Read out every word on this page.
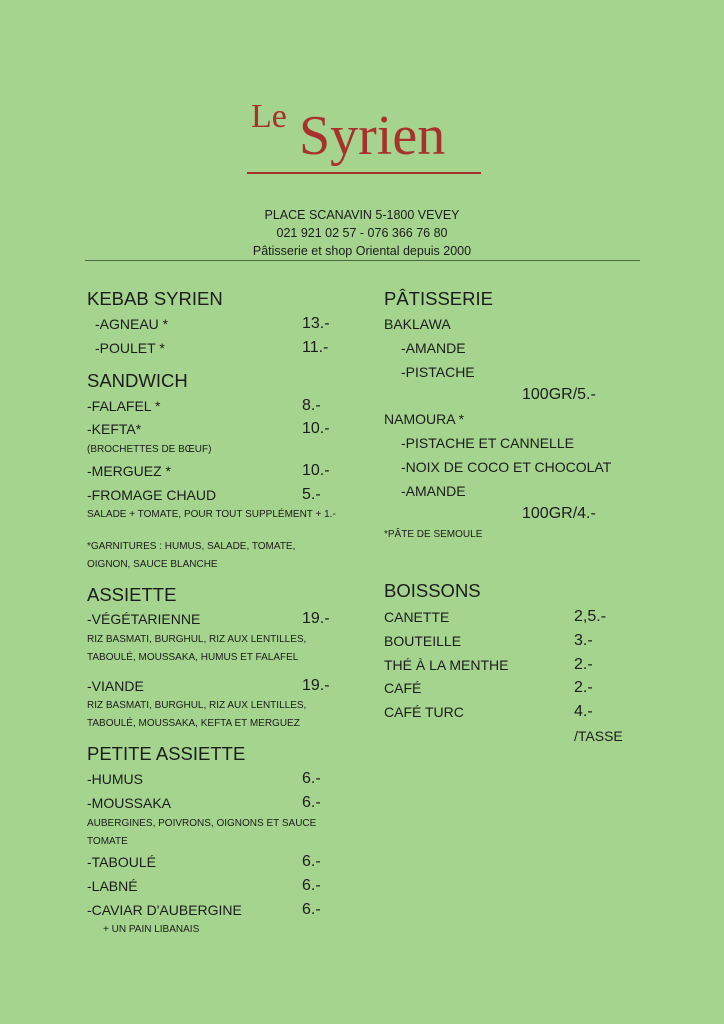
Le Syrien
PLACE SCANAVIN 5-1800 VEVEY
021 921 02 57 - 076 366 76 80
Pâtisserie et shop Oriental depuis 2000
KEBAB SYRIEN
-AGNEAU *	13.-
-POULET *	11.-
SANDWICH
-FALAFEL *	8.-
-KEFTA*	10.-
(BROCHETTES DE BŒUF)
-MERGUEZ *	10.-
-FROMAGE CHAUD	5.-
SALADE + TOMATE, POUR TOUT SUPPLÉMENT + 1.-
*GARNITURES : HUMUS, SALADE, TOMATE,
OIGNON, SAUCE BLANCHE
ASSIETTE
-VÉGÉTARIENNE	19.-
RIZ BASMATI, BURGHUL, RIZ AUX LENTILLES,
TABOULÉ, MOUSSAKA, HUMUS ET FALAFEL
-VIANDE	19.-
RIZ BASMATI, BURGHUL, RIZ AUX LENTILLES,
TABOULÉ, MOUSSAKA, KEFTA ET MERGUEZ
PETITE ASSIETTE
-HUMUS	6.-
-MOUSSAKA	6.-
AUBERGINES, POIVRONS, OIGNONS ET SAUCE
TOMATE
-TABOULÉ	6.-
-LABNÉ	6.-
-CAVIAR D'AUBERGINE	6.-
+ UN PAIN LIBANAIS
PÂTISSERIE
BAKLAWA
-AMANDE
-PISTACHE
100GR/5.-
NAMOURA *
-PISTACHE ET CANNELLE
-NOIX DE COCO ET CHOCOLAT
-AMANDE
100GR/4.-
*PÂTE DE SEMOULE
BOISSONS
CANETTE	2,5.-
BOUTEILLE	3.-
THÉ À LA MENTHE	2.-
CAFÉ	2.-
CAFÉ TURC	4.-
/TASSE
